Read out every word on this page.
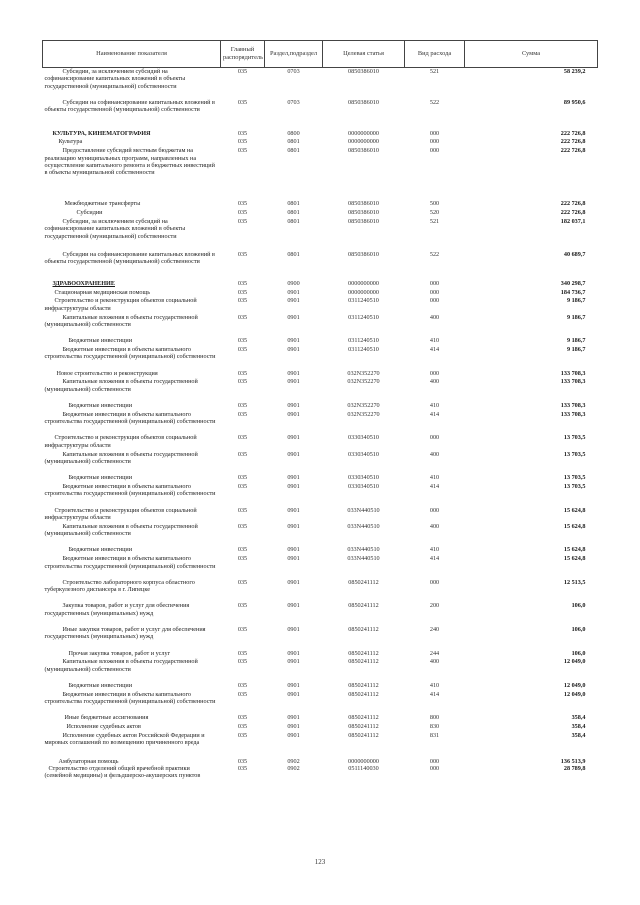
Наименование показателя	Главный распорядитель	Раздел,подраздел	Целевая статья	Вид расхода	Сумма
Субсидии, за исключением субсидий на софинансирование капитальных вложений в объекты государственной (муниципальной) собственности	035	0703	0850386010	521	58 239,2
Субсидии на софинансирование капитальных вложений в объекты государственной (муниципальной) собственности	035	0703	0850386010	522	89 950,6
КУЛЬТУРА, КИНЕМАТОГРАФИЯ	035	0800	0000000000	000	222 726,8
Культура	035	0801	0000000000	000	222 726,8
Предоставление субсидий местным бюджетам на реализацию муниципальных программ, направленных на осуществление капитального ремонта и бюджетных инвестиций в объекты муниципальной собственности	035	0801	0850386010	000	222 726,8
Межбюджетные трансферты	035	0801	0850386010	500	222 726,8
Субсидии	035	0801	0850386010	520	222 726,8
Субсидии, за исключением субсидий на софинансирование капитальных вложений в объекты государственной (муниципальной) собственности	035	0801	0850386010	521	182 037,1
Субсидии на софинансирование капитальных вложений в объекты государственной (муниципальной) собственности	035	0801	0850386010	522	40 689,7
ЗДРАВООХРАНЕНИЕ	035	0900	0000000000	000	340 298,7
Стационарная медицинская помощь	035	0901	0000000000	000	184 736,7
Строительство и реконструкция объектов социальной инфраструктуры области	035	0901	0311240510	000	9 186,7
Капитальные вложения в объекты государственной (муниципальной) собственности	035	0901	0311240510	400	9 186,7
Бюджетные инвестиции	035	0901	0311240510	410	9 186,7
Бюджетные инвестиции в объекты капитального строительства государственной (муниципальной) собственности	035	0901	0311240510	414	9 186,7
Новое строительство и реконструкция	035	0901	032N352270	000	133 708,3
Капитальные вложения в объекты государственной (муниципальной) собственности	035	0901	032N352270	400	133 708,3
Бюджетные инвестиции	035	0901	032N352270	410	133 708,3
Бюджетные инвестиции в объекты капитального строительства государственной (муниципальной) собственности	035	0901	032N352270	414	133 708,3
Строительство и реконструкция объектов социальной инфраструктуры области	035	0901	0330340510	000	13 703,5
Капитальные вложения в объекты государственной (муниципальной) собственности	035	0901	0330340510	400	13 703,5
Бюджетные инвестиции	035	0901	0330340510	410	13 703,5
Бюджетные инвестиции в объекты капитального строительства государственной (муниципальной) собственности	035	0901	0330340510	414	13 703,5
Строительство и реконструкция объектов социальной инфраструктуры области	035	0901	033N440510	000	15 624,8
Капитальные вложения в объекты государственной (муниципальной) собственности	035	0901	033N440510	400	15 624,8
Бюджетные инвестиции	035	0901	033N440510	410	15 624,8
Бюджетные инвестиции в объекты капитального строительства государственной (муниципальной) собственности	035	0901	033N440510	414	15 624,8
Строительство лабораторного корпуса областного туберкулезного диспансера в г. Липецке	035	0901	0850241112	000	12 513,5
Закупка товаров, работ и услуг для обеспечения государственных (муниципальных) нужд	035	0901	0850241112	200	106,0
Иные закупки товаров, работ и услуг для обеспечения государственных (муниципальных) нужд	035	0901	0850241112	240	106,0
Прочая закупка товаров, работ и услуг	035	0901	0850241112	244	106,0
Капитальные вложения в объекты государственной (муниципальной) собственности	035	0901	0850241112	400	12 049,0
Бюджетные инвестиции	035	0901	0850241112	410	12 049,0
Бюджетные инвестиции в объекты капитального строительства государственной (муниципальной) собственности	035	0901	0850241112	414	12 049,0
Иные бюджетные ассигнования	035	0901	0850241112	800	358,4
Исполнение судебных актов	035	0901	0850241112	830	358,4
Исполнение судебных актов Российской Федерации и мировых соглашений по возмещению причиненного вреда	035	0901	0850241112	831	358,4
Амбулаторная помощь	035	0902	0000000000	000	136 513,9
Строительство отделений общей врачебной практики (семейной медицины) и фельдшерско-акушерских пунктов	035	0902	0511140030	000	28 789,8
123
